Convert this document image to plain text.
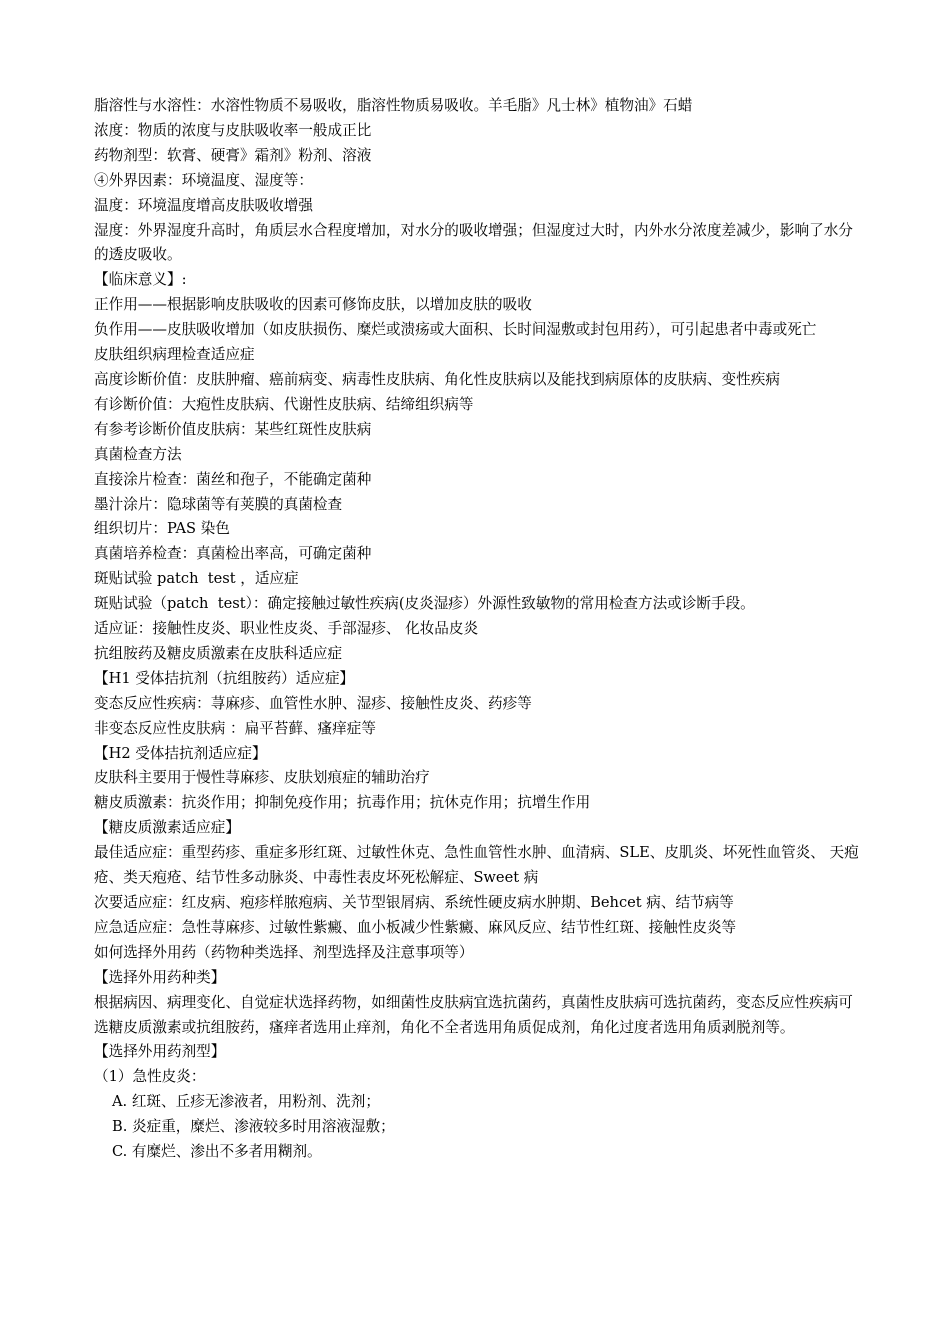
脂溶性与水溶性：水溶性物质不易吸收，脂溶性物质易吸收。羊毛脂》凡士林》植物油》石蜡

浓度：物质的浓度与皮肤吸收率一般成正比

药物剂型：软膏、硬膏》霜剂》粉剂、溶液

④外界因素：环境温度、湿度等：

温度：环境温度增高皮肤吸收增强

湿度：外界湿度升高时，角质层水合程度增加，对水分的吸收增强；但湿度过大时，内外水分浓度差减少，影响了水分的透皮吸收。

【临床意义】:

正作用——根据影响皮肤吸收的因素可修饰皮肤，以增加皮肤的吸收

负作用——皮肤吸收增加（如皮肤损伤、糜烂或溃疡或大面积、长时间湿敷或封包用药），可引起患者中毒或死亡

皮肤组织病理检查适应症

高度诊断价值：皮肤肿瘤、癌前病变、病毒性皮肤病、角化性皮肤病以及能找到病原体的皮肤病、变性疾病

有诊断价值：大疱性皮肤病、代谢性皮肤病、结缔组织病等

有参考诊断价值皮肤病：某些红斑性皮肤病

真菌检查方法

直接涂片检查：菌丝和孢子，不能确定菌种

墨汁涂片：隐球菌等有荚膜的真菌检查

组织切片：PAS 染色

真菌培养检查：真菌检出率高，可确定菌种

斑贴试验 patch  test ，适应症

斑贴试验（patch  test）：确定接触过敏性疾病(皮炎湿疹）外源性致敏物的常用检查方法或诊断手段。

适应证：接触性皮炎、职业性皮炎、手部湿疹、 化妆品皮炎

抗组胺药及糖皮质激素在皮肤科适应症

【H1 受体拮抗剂（抗组胺药）适应症】

变态反应性疾病：荨麻疹、血管性水肿、湿疹、接触性皮炎、药疹等

非变态反应性皮肤病 ：扁平苔藓、瘙痒症等

【H2 受体拮抗剂适应症】

皮肤科主要用于慢性荨麻疹、皮肤划痕症的辅助治疗

糖皮质激素：抗炎作用；抑制免疫作用；抗毒作用；抗休克作用；抗增生作用

【糖皮质激素适应症】

最佳适应症：重型药疹、重症多形红斑、过敏性休克、急性血管性水肿、血清病、SLE、皮肌炎、坏死性血管炎、 天疱疮、类天疱疮、结节性多动脉炎、中毒性表皮坏死松解症、Sweet 病

次要适应症：红皮病、疱疹样脓疱病、关节型银屑病、系统性硬皮病水肿期、Behcet 病、结节病等

应急适应症：急性荨麻疹、过敏性紫癜、血小板减少性紫癜、麻风反应、结节性红斑、接触性皮炎等

如何选择外用药（药物种类选择、剂型选择及注意事项等）

【选择外用药种类】

根据病因、病理变化、自觉症状选择药物，如细菌性皮肤病宜选抗菌药，真菌性皮肤病可选抗菌药，变态反应性疾病可选糖皮质激素或抗组胺药，瘙痒者选用止痒剂，角化不全者选用角质促成剂，角化过度者选用角质剥脱剂等。

【选择外用药剂型】

（1）急性皮炎：

A. 红斑、丘疹无渗液者，用粉剂、洗剂；

B. 炎症重，糜烂、渗液较多时用溶液湿敷；

C. 有糜烂、渗出不多者用糊剂。
